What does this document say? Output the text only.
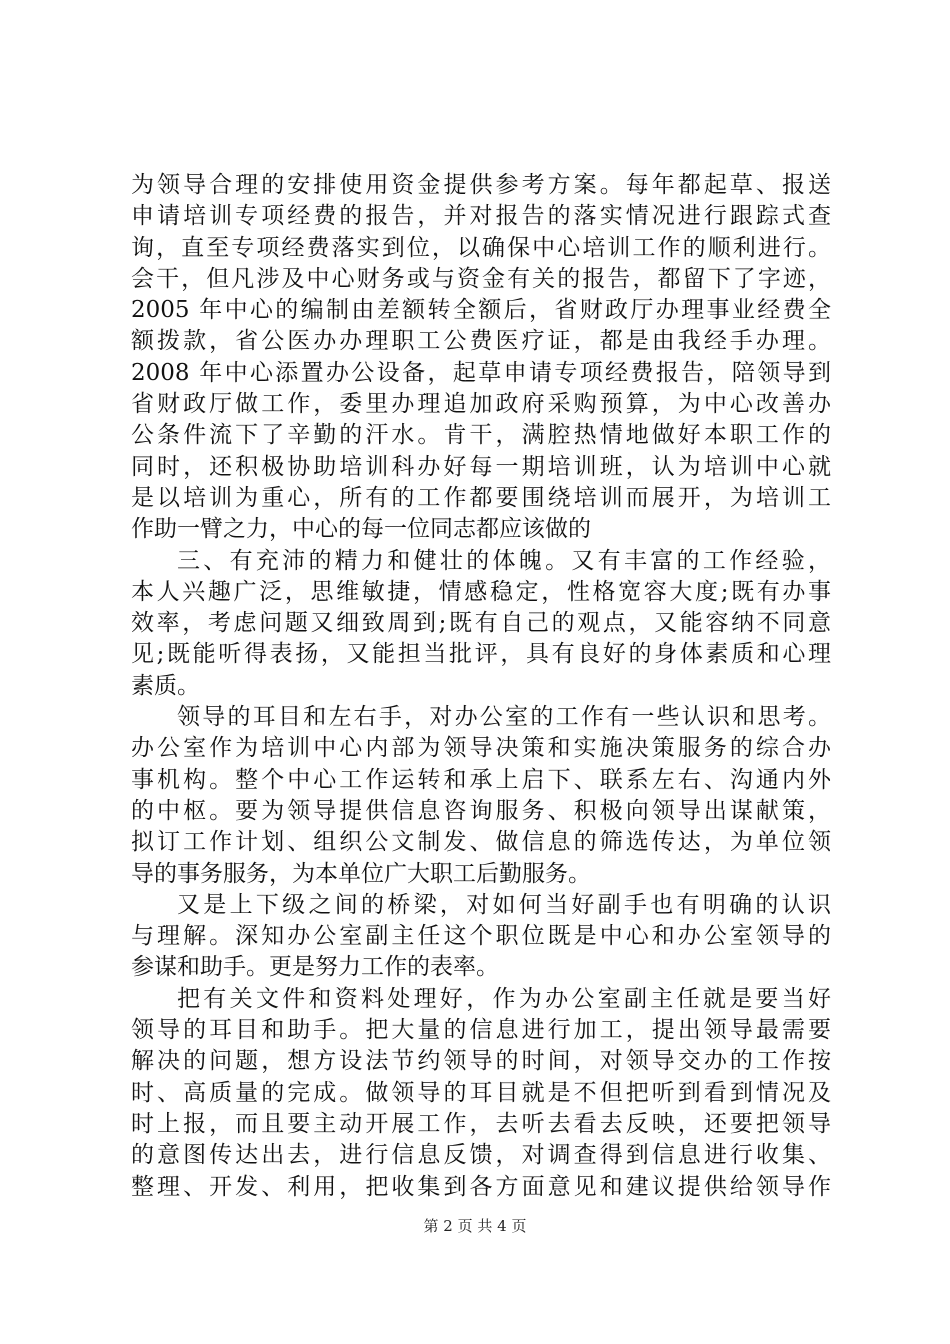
为领导合理的安排使用资金提供参考方案。每年都起草、报送
申请培训专项经费的报告，并对报告的落实情况进行跟踪式查
询，直至专项经费落实到位，以确保中心培训工作的顺利进行。
会干，但凡涉及中心财务或与资金有关的报告，都留下了字迹，
2005 年中心的编制由差额转全额后，省财政厅办理事业经费全
额拨款，省公医办办理职工公费医疗证，都是由我经手办理。
2008 年中心添置办公设备，起草申请专项经费报告，陪领导到
省财政厅做工作，委里办理追加政府采购预算，为中心改善办
公条件流下了辛勤的汗水。肯干，满腔热情地做好本职工作的
同时，还积极协助培训科办好每一期培训班，认为培训中心就
是以培训为重心，所有的工作都要围绕培训而展开，为培训工
作助一臂之力，中心的每一位同志都应该做的
三、有充沛的精力和健壮的体魄。又有丰富的工作经验，
本人兴趣广泛，思维敏捷，情感稳定，性格宽容大度;既有办事
效率，考虑问题又细致周到;既有自己的观点，又能容纳不同意
见;既能听得表扬，又能担当批评，具有良好的身体素质和心理
素质。
领导的耳目和左右手，对办公室的工作有一些认识和思考。
办公室作为培训中心内部为领导决策和实施决策服务的综合办
事机构。整个中心工作运转和承上启下、联系左右、沟通内外
的中枢。要为领导提供信息咨询服务、积极向领导出谋献策，
拟订工作计划、组织公文制发、做信息的筛选传达，为单位领
导的事务服务，为本单位广大职工后勤服务。
又是上下级之间的桥梁，对如何当好副手也有明确的认识
与理解。深知办公室副主任这个职位既是中心和办公室领导的
参谋和助手。更是努力工作的表率。
把有关文件和资料处理好，作为办公室副主任就是要当好
领导的耳目和助手。把大量的信息进行加工，提出领导最需要
解决的问题，想方设法节约领导的时间，对领导交办的工作按
时、高质量的完成。做领导的耳目就是不但把听到看到情况及
时上报，而且要主动开展工作，去听去看去反映，还要把领导
的意图传达出去，进行信息反馈，对调查得到信息进行收集、
整理、开发、利用，把收集到各方面意见和建议提供给领导作
第 2 页 共 4 页
